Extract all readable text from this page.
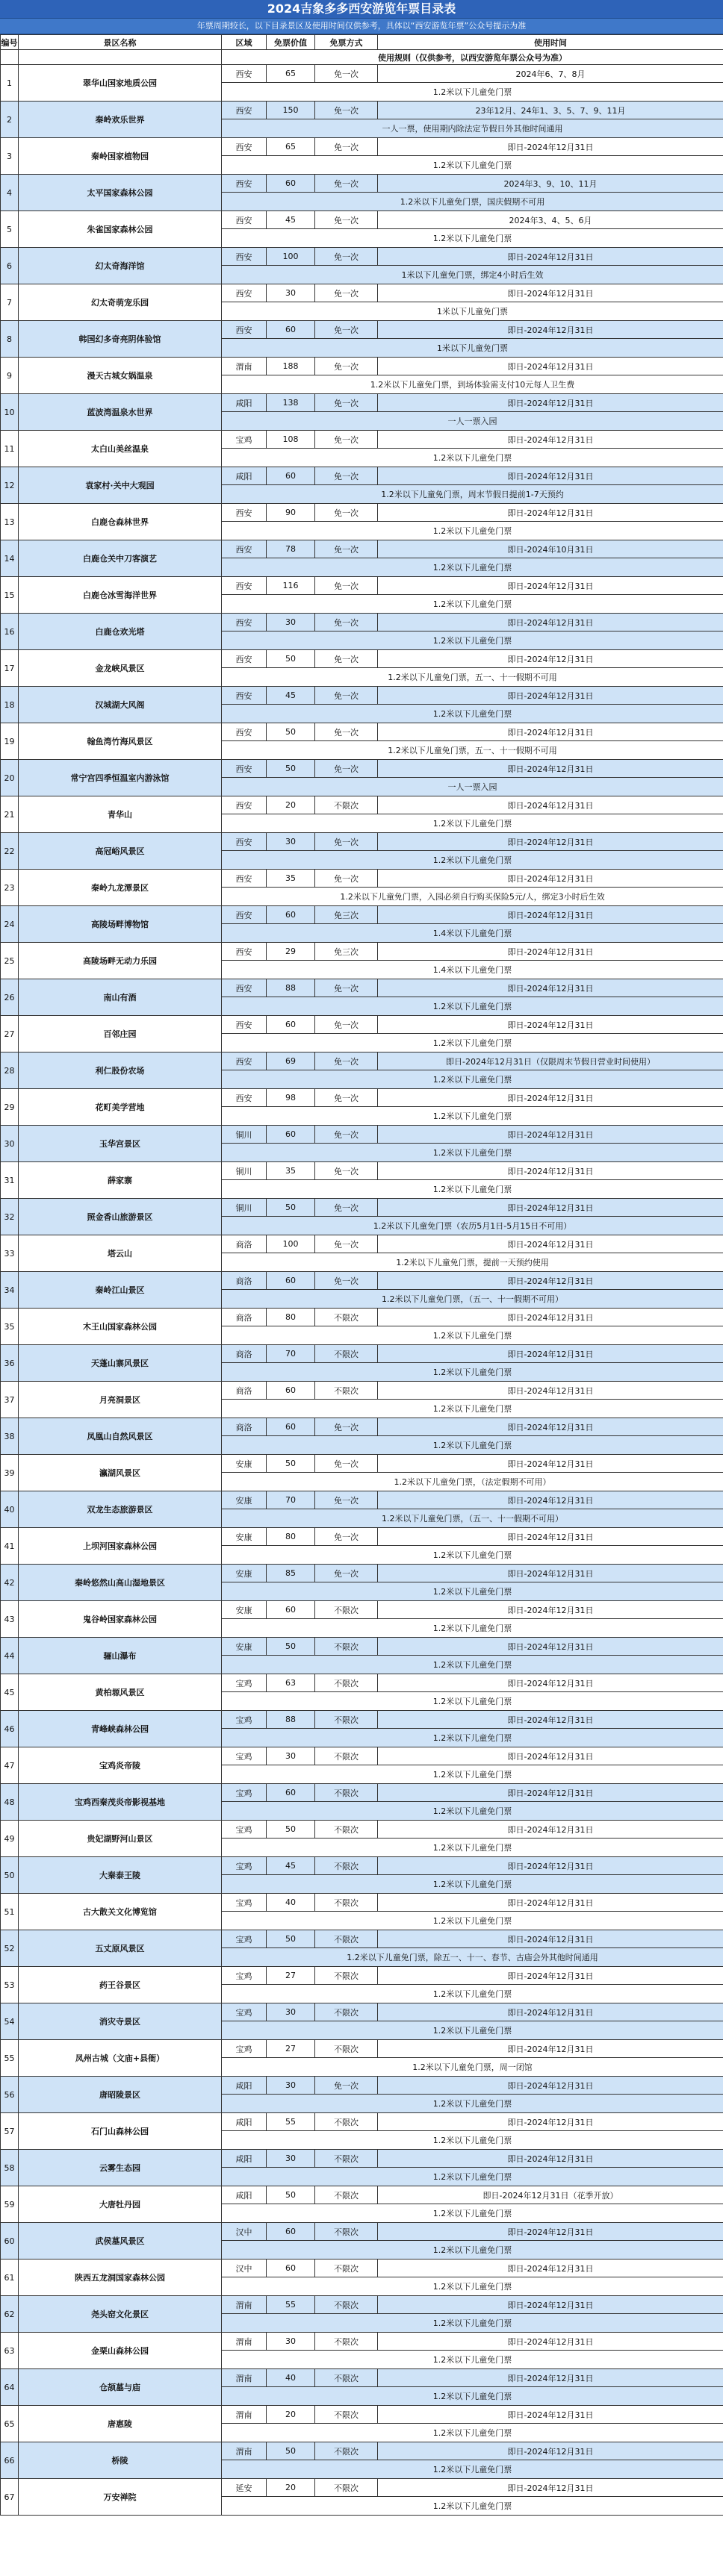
2024吉象多多西安游览年票目录表
年票周期较长，以下目录景区及使用时间仅供参考，具体以“西安游览年票”公众号提示为准
编号	景区名称	区域	免票价值	免票方式	使用时间
		使用规则（仅供参考，以西安游览年票公众号为准）			
1	翠华山国家地质公园	西安	65	免一次	2024年6、7、8月
		1.2米以下儿童免门票			
2	秦岭欢乐世界	西安	150	免一次	23年12月、24年1、3、5、7、9、11月
		一人一票，使用期内除法定节假日外其他时间通用			
3	秦岭国家植物园	西安	65	免一次	即日-2024年12月31日
		1.2米以下儿童免门票			
4	太平国家森林公园	西安	60	免一次	2024年3、9、10、11月
		1.2米以下儿童免门票，国庆假期不可用			
5	朱雀国家森林公园	西安	45	免一次	2024年3、4、5、6月
		1.2米以下儿童免门票			
6	幻太奇海洋馆	西安	100	免一次	即日-2024年12月31日
		1米以下儿童免门票，绑定4小时后生效			
7	幻太奇萌宠乐园	西安	30	免一次	即日-2024年12月31日
		1米以下儿童免门票			
8	韩国幻多奇亮阴体验馆	西安	60	免一次	即日-2024年12月31日
		1米以下儿童免门票			
9	漫天古城女娲温泉	渭南	188	免一次	即日-2024年12月31日
		1.2米以下儿童免门票，到场体验需支付10元每人卫生费			
10	蓝波湾温泉水世界	咸阳	138	免一次	即日-2024年12月31日
		一人一票入园			
11	太白山美丝温泉	宝鸡	108	免一次	即日-2024年12月31日
		1.2米以下儿童免门票			
12	袁家村·关中大观园	咸阳	60	免一次	即日-2024年12月31日
		1.2米以下儿童免门票，周末节假日提前1-7天预约			
13	白鹿仓森林世界	西安	90	免一次	即日-2024年12月31日
		1.2米以下儿童免门票			
14	白鹿仓关中刀客演艺	西安	78	免一次	即日-2024年10月31日
		1.2米以下儿童免门票			
15	白鹿仓冰雪海洋世界	西安	116	免一次	即日-2024年12月31日
		1.2米以下儿童免门票			
16	白鹿仓欢光塔	西安	30	免一次	即日-2024年12月31日
		1.2米以下儿童免门票			
17	金龙峡风景区	西安	50	免一次	即日-2024年12月31日
		1.2米以下儿童免门票，五一、十一假期不可用			
18	汉城湖大风阁	西安	45	免一次	即日-2024年12月31日
		1.2米以下儿童免门票			
19	翰鱼湾竹海风景区	西安	50	免一次	即日-2024年12月31日
		1.2米以下儿童免门票，五一、十一假期不可用			
20	常宁宫四季恒温室内游泳馆	西安	50	免一次	即日-2024年12月31日
		一人一票入园			
21	青华山	西安	20	不限次	即日-2024年12月31日
		1.2米以下儿童免门票			
22	高冠峪风景区	西安	30	免一次	即日-2024年12月31日
		1.2米以下儿童免门票			
23	秦岭九龙潭景区	西安	35	免一次	即日-2024年12月31日
		1.2米以下儿童免门票，入园必须自行购买保险5元/人，绑定3小时后生效			
24	高陵场畔博物馆	西安	60	免三次	即日-2024年12月31日
		1.4米以下儿童免门票			
25	高陵场畔无动力乐园	西安	29	免三次	即日-2024年12月31日
		1.4米以下儿童免门票			
26	南山有酒	西安	88	免一次	即日-2024年12月31日
		1.2米以下儿童免门票			
27	百邻庄园	西安	60	免一次	即日-2024年12月31日
		1.2米以下儿童免门票			
28	利仁股份农场	西安	69	免一次	即日-2024年12月31日（仅限周末节假日营业时间使用）
		1.2米以下儿童免门票			
29	花町美学营地	西安	98	免一次	即日-2024年12月31日
		1.2米以下儿童免门票			
30	玉华宫景区	铜川	60	免一次	即日-2024年12月31日
		1.2米以下儿童免门票			
31	薛家寨	铜川	35	免一次	即日-2024年12月31日
		1.2米以下儿童免门票			
32	照金香山旅游景区	铜川	50	免一次	即日-2024年12月31日
		1.2米以下儿童免门票（农历5月1日-5月15日不可用）			
33	塔云山	商洛	100	免一次	即日-2024年12月31日
		1.2米以下儿童免门票，提前一天预约使用			
34	秦岭江山景区	商洛	60	免一次	即日-2024年12月31日
		1.2米以下儿童免门票，（五一、十一假期不可用）			
35	木王山国家森林公园	商洛	80	不限次	即日-2024年12月31日
		1.2米以下儿童免门票			
36	天蓬山寨风景区	商洛	70	不限次	即日-2024年12月31日
		1.2米以下儿童免门票			
37	月亮洞景区	商洛	60	不限次	即日-2024年12月31日
		1.2米以下儿童免门票			
38	凤凰山自然风景区	商洛	60	免一次	即日-2024年12月31日
		1.2米以下儿童免门票			
39	瀛湖风景区	安康	50	免一次	即日-2024年12月31日
		1.2米以下儿童免门票，（法定假期不可用）			
40	双龙生态旅游景区	安康	70	免一次	即日-2024年12月31日
		1.2米以下儿童免门票，（五一、十一假期不可用）			
41	上坝河国家森林公园	安康	80	免一次	即日-2024年12月31日
		1.2米以下儿童免门票			
42	秦岭悠然山高山湿地景区	安康	85	免一次	即日-2024年12月31日
		1.2米以下儿童免门票			
43	鬼谷岭国家森林公园	安康	60	不限次	即日-2024年12月31日
		1.2米以下儿童免门票			
44	骊山瀑布	安康	50	不限次	即日-2024年12月31日
		1.2米以下儿童免门票			
45	黄柏塬风景区	宝鸡	63	不限次	即日-2024年12月31日
		1.2米以下儿童免门票			
46	青峰峡森林公园	宝鸡	88	不限次	即日-2024年12月31日
		1.2米以下儿童免门票			
47	宝鸡炎帝陵	宝鸡	30	不限次	即日-2024年12月31日
		1.2米以下儿童免门票			
48	宝鸡西秦茂炎帝影视基地	宝鸡	60	不限次	即日-2024年12月31日
		1.2米以下儿童免门票			
49	贵妃湖野河山景区	宝鸡	50	不限次	即日-2024年12月31日
		1.2米以下儿童免门票			
50	大秦泰王陵	宝鸡	45	不限次	即日-2024年12月31日
		1.2米以下儿童免门票			
51	古大散关文化博览馆	宝鸡	40	不限次	即日-2024年12月31日
		1.2米以下儿童免门票			
52	五丈原风景区	宝鸡	50	不限次	即日-2024年12月31日
		1.2米以下儿童免门票，除五一、十一、春节、古庙会外其他时间通用			
53	药王谷景区	宝鸡	27	不限次	即日-2024年12月31日
		1.2米以下儿童免门票			
54	消灾寺景区	宝鸡	30	不限次	即日-2024年12月31日
		1.2米以下儿童免门票			
55	凤州古城（文庙+县衙）	宝鸡	27	不限次	即日-2024年12月31日
		1.2米以下儿童免门票，周一闭馆			
56	唐昭陵景区	咸阳	30	免一次	即日-2024年12月31日
		1.2米以下儿童免门票			
57	石门山森林公园	咸阳	55	不限次	即日-2024年12月31日
		1.2米以下儿童免门票			
58	云雾生态园	咸阳	30	不限次	即日-2024年12月31日
		1.2米以下儿童免门票			
59	大唐牡丹园	咸阳	50	不限次	即日-2024年12月31日（花季开放）
		1.2米以下儿童免门票			
60	武侯墓风景区	汉中	60	不限次	即日-2024年12月31日
		1.2米以下儿童免门票			
61	陕西五龙洞国家森林公园	汉中	60	不限次	即日-2024年12月31日
		1.2米以下儿童免门票			
62	尧头窑文化景区	渭南	55	不限次	即日-2024年12月31日
		1.2米以下儿童免门票			
63	金栗山森林公园	渭南	30	不限次	即日-2024年12月31日
		1.2米以下儿童免门票			
64	仓颉墓与庙	渭南	40	不限次	即日-2024年12月31日
		1.2米以下儿童免门票			
65	唐惠陵	渭南	20	不限次	即日-2024年12月31日
		1.2米以下儿童免门票			
66	桥陵	渭南	50	不限次	即日-2024年12月31日
		1.2米以下儿童免门票			
67	万安禅院	延安	20	不限次	即日-2024年12月31日
		1.2米以下儿童免门票			
